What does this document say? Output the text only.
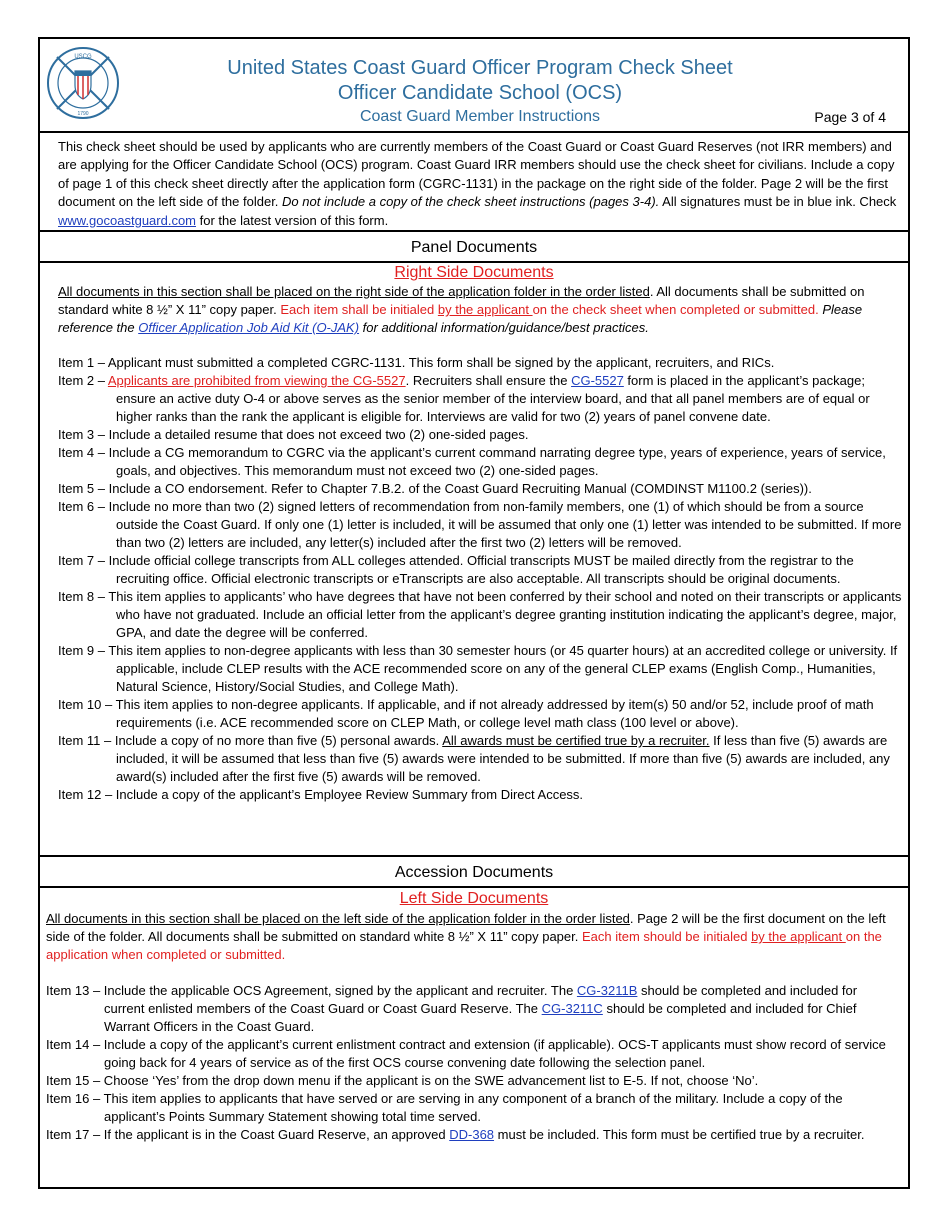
USCG
1790
United States Coast Guard Officer Program Check Sheet
Officer Candidate School (OCS)
Coast Guard Member Instructions	Page 3 of 4
This check sheet should be used by applicants who are currently members of the Coast Guard or Coast Guard Reserves (not IRR members) and are applying for the Officer Candidate School (OCS) program. Coast Guard IRR members should use the check sheet for civilians. Include a copy of page 1 of this check sheet directly after the application form (CGRC-1131) in the package on the right side of the folder. Page 2 will be the first document on the left side of the folder. Do not include a copy of the check sheet instructions (pages 3-4). All signatures must be in blue ink. Check www.gocoastguard.com for the latest version of this form.
Panel Documents
Right Side Documents
All documents in this section shall be placed on the right side of the application folder in the order listed. All documents shall be submitted on standard white 8 ½” X 11” copy paper. Each item shall be initialed by the applicant on the check sheet when completed or submitted. Please reference the Officer Application Job Aid Kit (O-JAK) for additional information/guidance/best practices.
Item 1 – Applicant must submitted a completed CGRC-1131. This form shall be signed by the applicant, recruiters, and RICs.
Item 2 – Applicants are prohibited from viewing the CG-5527. Recruiters shall ensure the CG-5527 form is placed in the applicant’s package; ensure an active duty O-4 or above serves as the senior member of the interview board, and that all panel members are of equal or higher ranks than the rank the applicant is eligible for. Interviews are valid for two (2) years of panel convene date.
Item 3 – Include a detailed resume that does not exceed two (2) one-sided pages.
Item 4 – Include a CG memorandum to CGRC via the applicant’s current command narrating degree type, years of experience, years of service, goals, and objectives. This memorandum must not exceed two (2) one-sided pages.
Item 5 – Include a CO endorsement. Refer to Chapter 7.B.2. of the Coast Guard Recruiting Manual (COMDINST M1100.2 (series)).
Item 6 – Include no more than two (2) signed letters of recommendation from non-family members, one (1) of which should be from a source outside the Coast Guard. If only one (1) letter is included, it will be assumed that only one (1) letter was intended to be submitted. If more than two (2) letters are included, any letter(s) included after the first two (2) letters will be removed.
Item 7 – Include official college transcripts from ALL colleges attended. Official transcripts MUST be mailed directly from the registrar to the recruiting office. Official electronic transcripts or eTranscripts are also acceptable. All transcripts should be original documents.
Item 8 – This item applies to applicants’ who have degrees that have not been conferred by their school and noted on their transcripts or applicants who have not graduated. Include an official letter from the applicant’s degree granting institution indicating the applicant’s degree, major, GPA, and date the degree will be conferred.
Item 9 – This item applies to non-degree applicants with less than 30 semester hours (or 45 quarter hours) at an accredited college or university. If applicable, include CLEP results with the ACE recommended score on any of the general CLEP exams (English Comp., Humanities, Natural Science, History/Social Studies, and College Math).
Item 10 – This item applies to non-degree applicants. If applicable, and if not already addressed by item(s) 50 and/or 52, include proof of math requirements (i.e. ACE recommended score on CLEP Math, or college level math class (100 level or above).
Item 11 – Include a copy of no more than five (5) personal awards. All awards must be certified true by a recruiter. If less than five (5) awards are included, it will be assumed that less than five (5) awards were intended to be submitted. If more than five (5) awards are included, any award(s) included after the first five (5) awards will be removed.
Item 12 – Include a copy of the applicant’s Employee Review Summary from Direct Access.
Accession Documents
Left Side Documents
All documents in this section shall be placed on the left side of the application folder in the order listed. Page 2 will be the first document on the left side of the folder. All documents shall be submitted on standard white 8 ½” X 11” copy paper. Each item should be initialed by the applicant on the application when completed or submitted.
Item 13 – Include the applicable OCS Agreement, signed by the applicant and recruiter. The CG-3211B should be completed and included for current enlisted members of the Coast Guard or Coast Guard Reserve. The CG-3211C should be completed and included for Chief Warrant Officers in the Coast Guard.
Item 14 – Include a copy of the applicant’s current enlistment contract and extension (if applicable). OCS-T applicants must show record of service going back for 4 years of service as of the first OCS course convening date following the selection panel.
Item 15 – Choose ‘Yes’ from the drop down menu if the applicant is on the SWE advancement list to E-5. If not, choose ‘No’.
Item 16 – This item applies to applicants that have served or are serving in any component of a branch of the military. Include a copy of the applicant’s Points Summary Statement showing total time served.
Item 17 – If the applicant is in the Coast Guard Reserve, an approved DD-368 must be included. This form must be certified true by a recruiter.
